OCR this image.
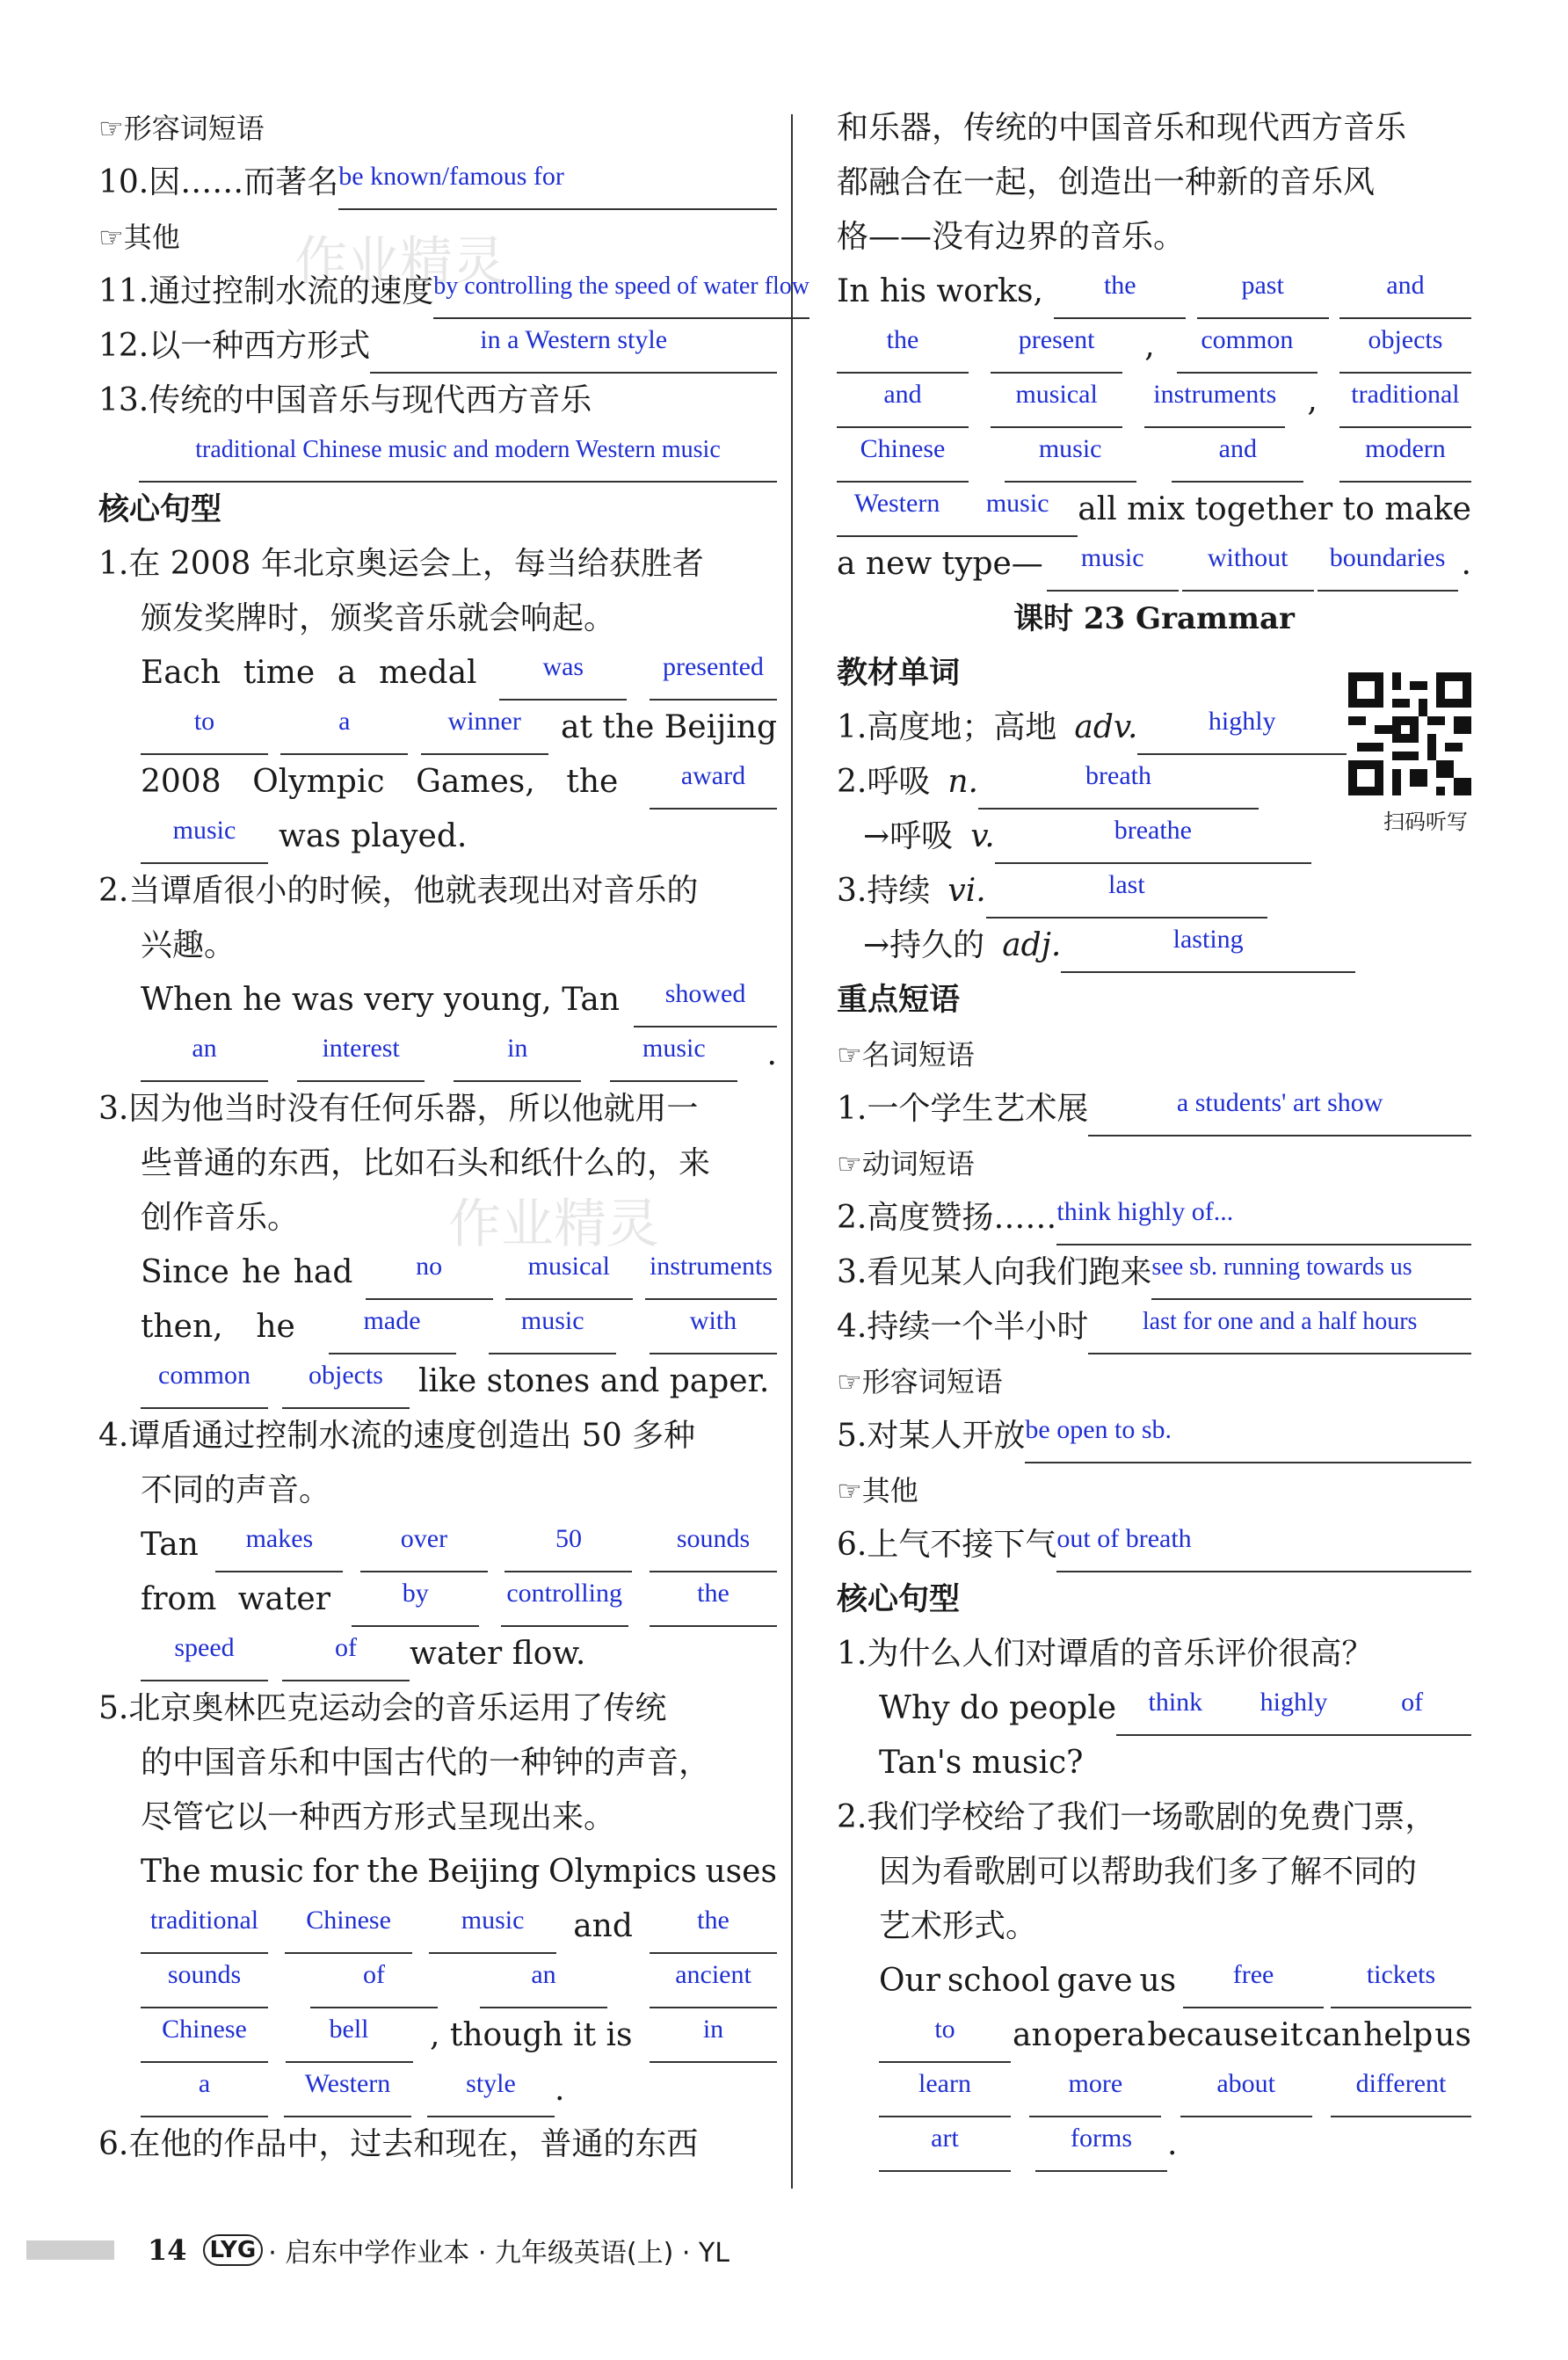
作业精灵
作业精灵
☞形容词短语
10. 因……而著名 be known/famous for
☞其他
11. 通过控制水流的速度 by controlling the speed of water flow
12. 以一种西方形式	in a Western style
13.传统的中国音乐与现代西方音乐
traditional Chinese music and modern Western music
核心句型
1.在 2008 年北京奥运会上，每当给获胜者
颁发奖牌时，颁奖音乐就会响起。
Each time a medal	was	presented
to	a	winner	at the Beijing
2008 Olympic Games, the	award
music	was played.
2.当谭盾很小的时候，他就表现出对音乐的
兴趣。
When he was very young, Tan	showed
an	interest	in	music	.
3.因为他当时没有任何乐器，所以他就用一
些普通的东西，比如石头和纸什么的，来
创作音乐。
Since he had	no	musical	instruments
then, he	made	music	with
common	objects	like stones and paper.
4.谭盾通过控制水流的速度创造出 50 多种
不同的声音。
Tan	makes	over	50	sounds
from water	by	controlling	the
speed	of	water flow.
5.北京奥林匹克运动会的音乐运用了传统
的中国音乐和中国古代的一种钟的声音，
尽管它以一种西方形式呈现出来。
The music for the Beijing Olympics uses
traditional	Chinese	music	and	the
sounds	of	an	ancient
Chinese	bell	, though it is	in
a	Western	style	.
6.在他的作品中，过去和现在，普通的东西
和乐器，传统的中国音乐和现代西方音乐
都融合在一起，创造出一种新的音乐风
格——没有边界的音乐。
In his works,	the	past	and
the	present	,	common	objects
and	musical	instruments ,	traditional
Chinese	music	and	modern
Western	music all mix together to make
a new type—	music	without	boundaries .
课时 23 Grammar
教材单词
1. 高度地；高地 adv.	highly
2. 呼吸 n.	breath
→ 呼吸 v.	breathe
3. 持续 vi.	last
→ 持久的 adj.	lasting
扫码听写
重点短语
☞名词短语
1. 一个学生艺术展	a students' art show
☞动词短语
2. 高度赞扬…… think highly of...
3. 看见某人向我们跑来 see sb. running towards us
4. 持续一个半小时	last for one and a half hours
☞形容词短语
5. 对某人开放 be open to sb.
☞其他
6. 上气不接下气 out of breath
核心句型
1.为什么人们对谭盾的音乐评价很高？
Why do people	think	highly	of
Tan's music?
2.我们学校给了我们一场歌剧的免费门票，
因为看歌剧可以帮助我们多了解不同的
艺术形式。
Our school gave us	free	tickets
to	an opera because it can help us
learn	more	about	different
art	forms	.
14	LYG · 启东中学作业本 · 九年级英语(上) · YL
